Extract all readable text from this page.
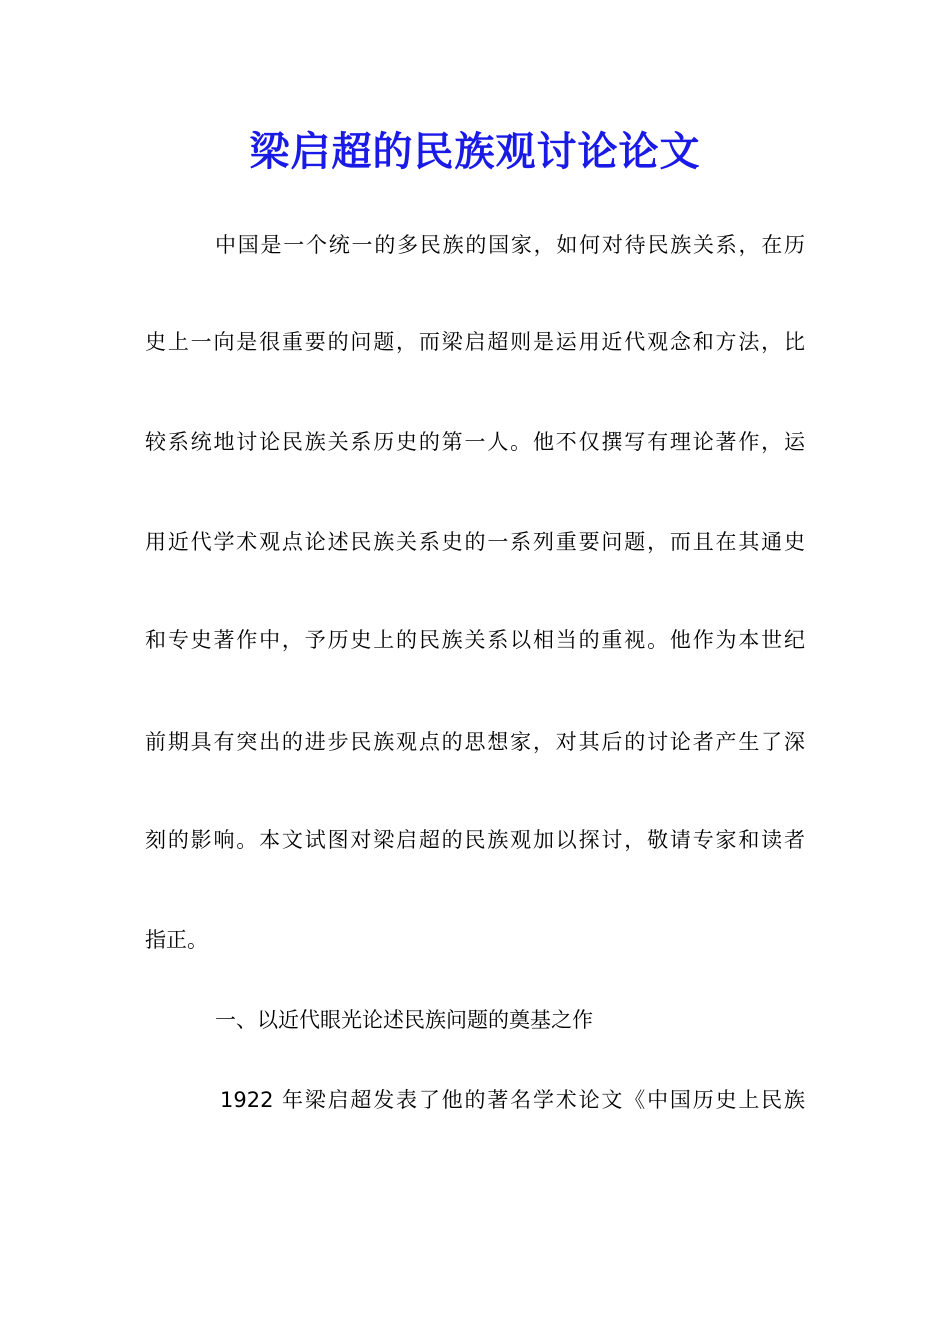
梁启超的民族观讨论论文
中国是一个统一的多民族的国家，如何对待民族关系，在历
史上一向是很重要的问题，而梁启超则是运用近代观念和方法，比
较系统地讨论民族关系历史的第一人。他不仅撰写有理论著作，运
用近代学术观点论述民族关系史的一系列重要问题，而且在其通史
和专史著作中，予历史上的民族关系以相当的重视。他作为本世纪
前期具有突出的进步民族观点的思想家，对其后的讨论者产生了深
刻的影响。本文试图对梁启超的民族观加以探讨，敬请专家和读者
指正。
一、以近代眼光论述民族问题的奠基之作
1922 年梁启超发表了他的著名学术论文《中国历史上民族
